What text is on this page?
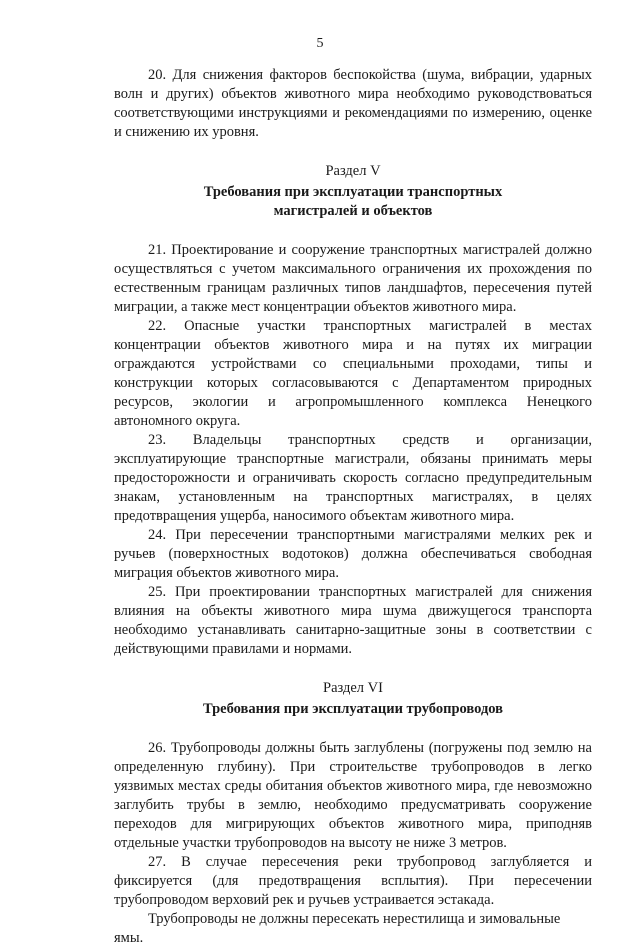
5

20. Для снижения факторов беспокойства (шума, вибрации, ударных волн и других) объектов животного мира необходимо руководствоваться соответствующими инструкциями и рекомендациями по измерению, оценке и снижению их уровня.

Раздел V
Требования при эксплуатации транспортных магистралей и объектов

21. Проектирование и сооружение транспортных магистралей должно осуществляться с учетом максимального ограничения их прохождения по естественным границам различных типов ландшафтов, пересечения путей миграции, а также мест концентрации объектов животного мира.

22. Опасные участки транспортных магистралей в местах концентрации объектов животного мира и на путях их миграции ограждаются устройствами со специальными проходами, типы и конструкции которых согласовываются с Департаментом природных ресурсов, экологии и агропромышленного комплекса Ненецкого автономного округа.

23. Владельцы транспортных средств и организации, эксплуатирующие транспортные магистрали, обязаны принимать меры предосторожности и ограничивать скорость согласно предупредительным знакам, установленным на транспортных магистралях, в целях предотвращения ущерба, наносимого объектам животного мира.

24. При пересечении транспортными магистралями мелких рек и ручьев (поверхностных водотоков) должна обеспечиваться свободная миграция объектов животного мира.

25. При проектировании транспортных магистралей для снижения влияния на объекты животного мира шума движущегося транспорта необходимо устанавливать санитарно-защитные зоны в соответствии с действующими правилами и нормами.

Раздел VI
Требования при эксплуатации трубопроводов

26. Трубопроводы должны быть заглублены (погружены под землю на определенную глубину). При строительстве трубопроводов в легко уязвимых местах среды обитания объектов животного мира, где невозможно заглубить трубы в землю, необходимо предусматривать сооружение переходов для мигрирующих объектов животного мира, приподняв отдельные участки трубопроводов на высоту не ниже 3 метров.

27. В случае пересечения реки трубопровод заглубляется и фиксируется (для предотвращения всплытия). При пересечении трубопроводом верховий рек и ручьев устраивается эстакада.

Трубопроводы не должны пересекать нерестилища и зимовальные ямы.
